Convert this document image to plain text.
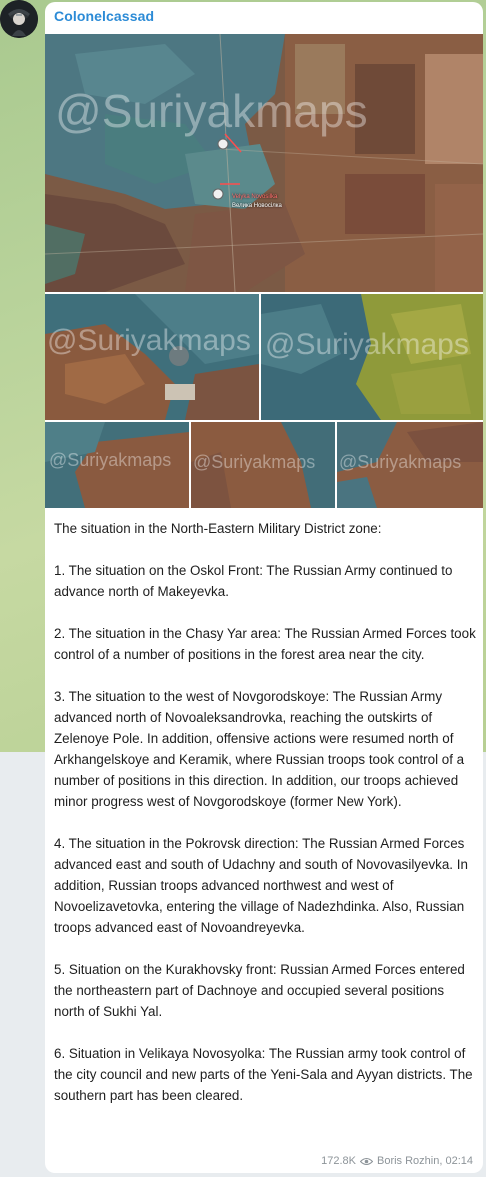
Colonelcassad
@Suriyakmaps
Velyka Novosilka
Велика Новосілка
@Suriyakmaps @Suriyakmaps
@Suriyakmaps @Suriyakmaps @Suriyakmaps

The situation in the North-Eastern Military District zone:

1. The situation on the Oskol Front: The Russian Army continued to advance north of Makeyevka.

2. The situation in the Chasy Yar area: The Russian Armed Forces took control of a number of positions in the forest area near the city.

3. The situation to the west of Novgorodskoye: The Russian Army advanced north of Novoaleksandrovka, reaching the outskirts of Zelenoye Pole. In addition, offensive actions were resumed north of Arkhangelskoye and Keramik, where Russian troops took control of a number of positions in this direction. In addition, our troops achieved minor progress west of Novgorodskoye (former New York).

4. The situation in the Pokrovsk direction: The Russian Armed Forces advanced east and south of Udachny and south of Novovasilyevka. In addition, Russian troops advanced northwest and west of Novoelizavetovka, entering the village of Nadezhdinka. Also, Russian troops advanced east of Novoandreyevka.

5. Situation on the Kurakhovsky front: Russian Armed Forces entered the northeastern part of Dachnoye and occupied several positions north of Sukhi Yal.

6. Situation in Velikaya Novosyolka: The Russian army took control of the city council and new parts of the Yeni-Sala and Ayyan districts. The southern part has been cleared.

172.8K Boris Rozhin, 02:14
